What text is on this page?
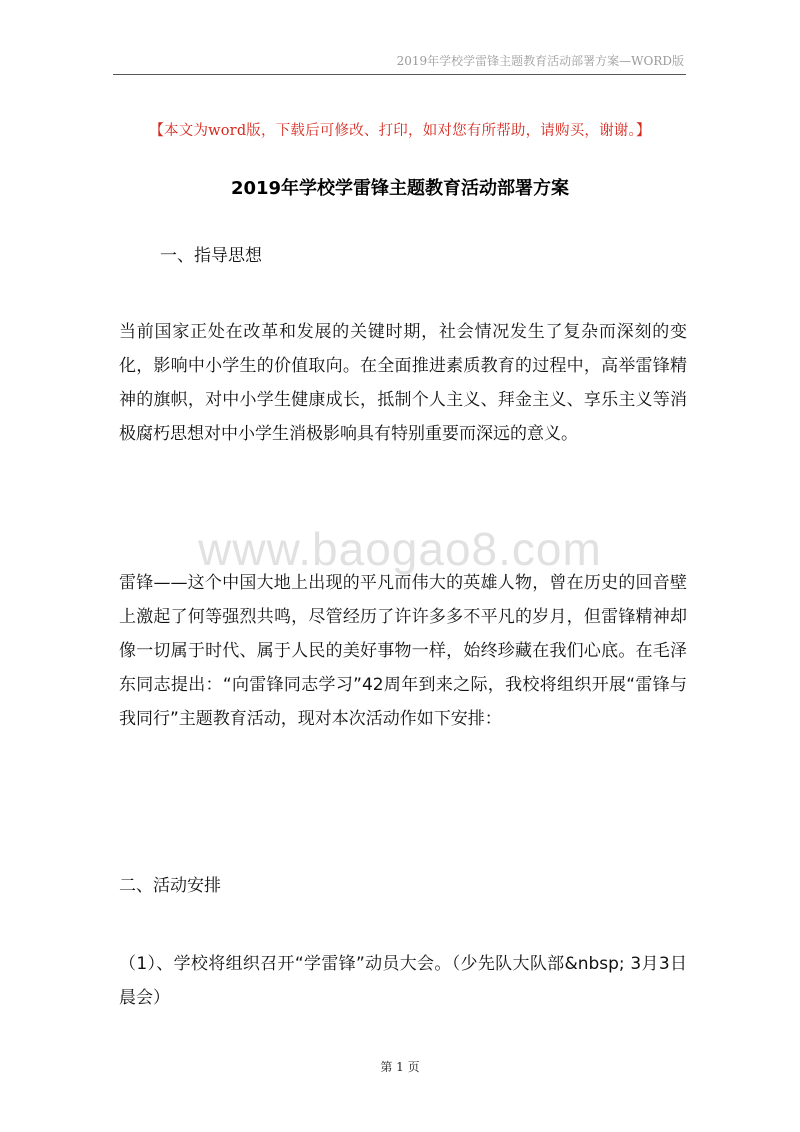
2019年学校学雷锋主题教育活动部署方案—WORD版
【本文为word版，下载后可修改、打印，如对您有所帮助，请购买，谢谢。】
2019年学校学雷锋主题教育活动部署方案
一、指导思想

当前国家正处在改革和发展的关键时期，社会情况发生了复杂而深刻的变化，影响中小学生的价值取向。在全面推进素质教育的过程中，高举雷锋精神的旗帜，对中小学生健康成长，抵制个人主义、拜金主义、享乐主义等消极腐朽思想对中小学生消极影响具有特别重要而深远的意义。

www.baogao8.com

雷锋——这个中国大地上出现的平凡而伟大的英雄人物，曾在历史的回音壁上激起了何等强烈共鸣，尽管经历了许许多多不平凡的岁月，但雷锋精神却像一切属于时代、属于人民的美好事物一样，始终珍藏在我们心底。在毛泽东同志提出：“向雷锋同志学习”42周年到来之际，我校将组织开展“雷锋与我同行”主题教育活动，现对本次活动作如下安排：

二、活动安排

（1）、学校将组织召开“学雷锋”动员大会。（少先队大队部&nbsp; 3月3日晨会）

第 1 页
